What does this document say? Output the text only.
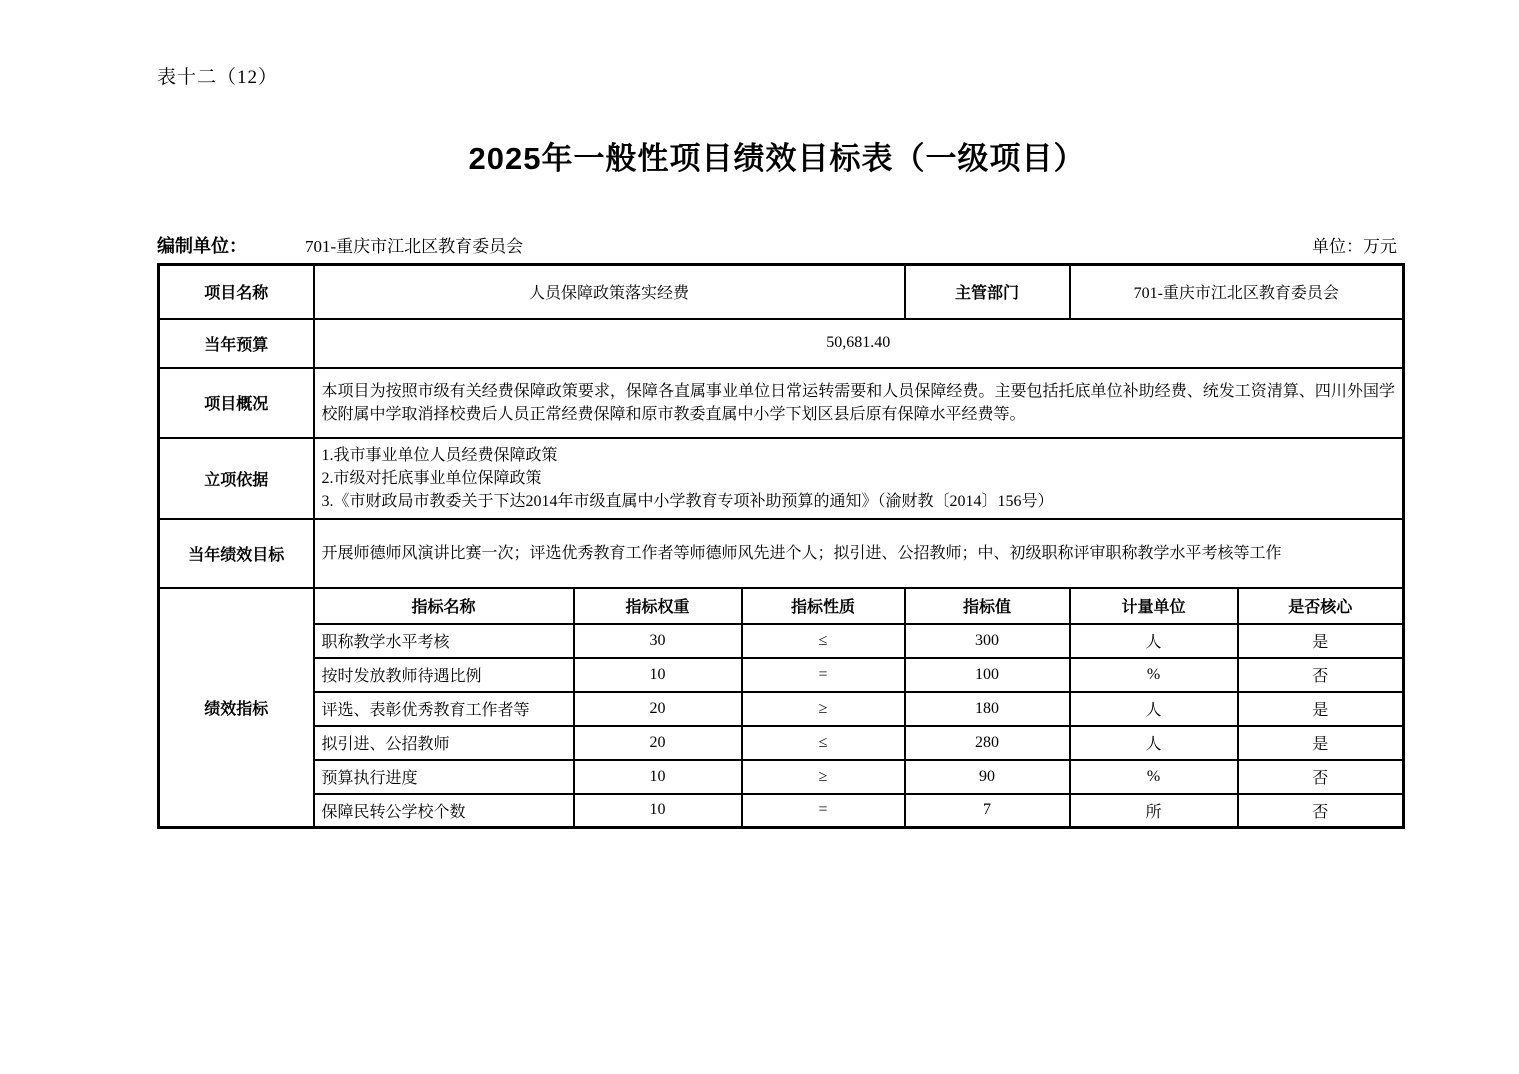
表十二（12）
2025年一般性项目绩效目标表（一级项目）
编制单位：	701-重庆市江北区教育委员会	单位：万元
项目名称	人员保障政策落实经费			主管部门	701-重庆市江北区教育委员会	
当年预算	50,681.40					
项目概况	本项目为按照市级有关经费保障政策要求，保障各直属事业单位日常运转需要和人员保障经费。主要包括托底单位补助经费、统发工资清算、四川外国学校附属中学取消择校费后人员正常经费保障和原市教委直属中小学下划区县后原有保障水平经费等。					
立项依据	1.我市事业单位人员经费保障政策
2.市级对托底事业单位保障政策
3.《市财政局市教委关于下达2014年市级直属中小学教育专项补助预算的通知》（渝财教〔2014〕156号）					

当年绩效目标	开展师德师风演讲比赛一次；评选优秀教育工作者等师德师风先进个人；拟引进、公招教师；中、初级职称评审职称教学水平考核等工作					
绩效指标	指标名称	指标权重	指标性质	指标值	计量单位	是否核心
	职称教学水平考核	30	≤	300	人	是
	按时发放教师待遇比例	10	=	100	%	否
	评选、表彰优秀教育工作者等	20	≥	180	人	是
	拟引进、公招教师	20	≤	280	人	是
	预算执行进度	10	≥	90	%	否
	保障民转公学校个数	10	=	7	所	否
